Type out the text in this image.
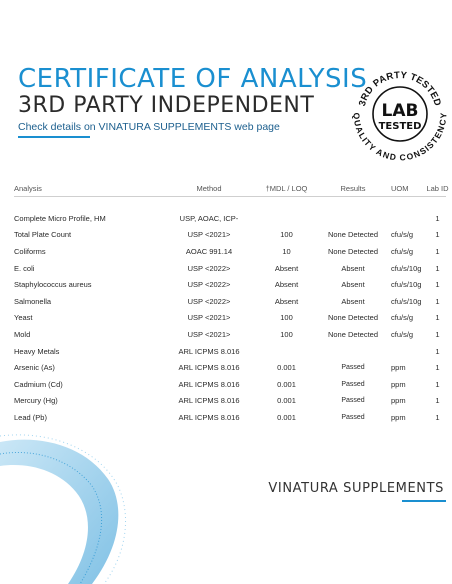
CERTIFICATE OF ANALYSIS
3RD PARTY INDEPENDENT
Check details on VINATURA SUPPLEMENTS web page
3RD PARTY TESTED
QUALITY AND CONSISTENCY
LAB
TESTED
Analysis	Method	†MDL / LOQ	Results	UOM	Lab ID

Complete Micro Profile, HM	USP, AOAC, ICP-				1
Total Plate Count	USP <2021>	100	None Detected	cfu/s/g	1
Coliforms	AOAC 991.14	10	None Detected	cfu/s/g	1
E. coli	USP <2022>	Absent	Absent	cfu/s/10g	1
Staphylococcus aureus	USP <2022>	Absent	Absent	cfu/s/10g	1
Salmonella	USP <2022>	Absent	Absent	cfu/s/10g	1
Yeast	USP <2021>	100	None Detected	cfu/s/g	1
Mold	USP <2021>	100	None Detected	cfu/s/g	1
Heavy Metals	ARL ICPMS 8.016				1
Arsenic (As)	ARL ICPMS 8.016	0.001	Passed	ppm	1
Cadmium (Cd)	ARL ICPMS 8.016	0.001	Passed	ppm	1
Mercury (Hg)	ARL ICPMS 8.016	0.001	Passed	ppm	1
Lead (Pb)	ARL ICPMS 8.016	0.001	Passed	ppm	1
VINATURA SUPPLEMENTS
